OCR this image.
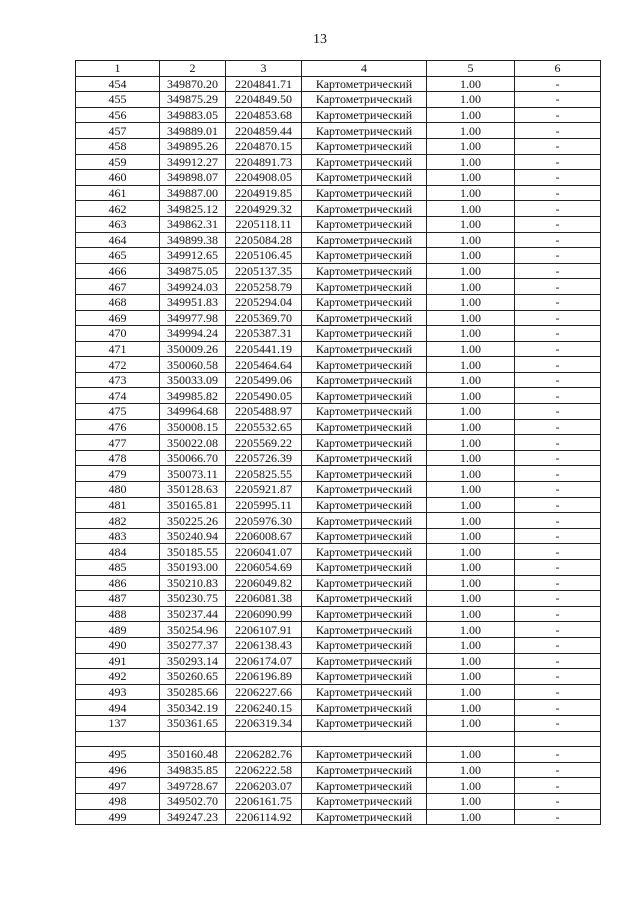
13
1	2	3	4	5	6
454	349870.20	2204841.71	Картометрический	1.00	-
455	349875.29	2204849.50	Картометрический	1.00	-
456	349883.05	2204853.68	Картометрический	1.00	-
457	349889.01	2204859.44	Картометрический	1.00	-
458	349895.26	2204870.15	Картометрический	1.00	-
459	349912.27	2204891.73	Картометрический	1.00	-
460	349898.07	2204908.05	Картометрический	1.00	-
461	349887.00	2204919.85	Картометрический	1.00	-
462	349825.12	2204929.32	Картометрический	1.00	-
463	349862.31	2205118.11	Картометрический	1.00	-
464	349899.38	2205084.28	Картометрический	1.00	-
465	349912.65	2205106.45	Картометрический	1.00	-
466	349875.05	2205137.35	Картометрический	1.00	-
467	349924.03	2205258.79	Картометрический	1.00	-
468	349951.83	2205294.04	Картометрический	1.00	-
469	349977.98	2205369.70	Картометрический	1.00	-
470	349994.24	2205387.31	Картометрический	1.00	-
471	350009.26	2205441.19	Картометрический	1.00	-
472	350060.58	2205464.64	Картометрический	1.00	-
473	350033.09	2205499.06	Картометрический	1.00	-
474	349985.82	2205490.05	Картометрический	1.00	-
475	349964.68	2205488.97	Картометрический	1.00	-
476	350008.15	2205532.65	Картометрический	1.00	-
477	350022.08	2205569.22	Картометрический	1.00	-
478	350066.70	2205726.39	Картометрический	1.00	-
479	350073.11	2205825.55	Картометрический	1.00	-
480	350128.63	2205921.87	Картометрический	1.00	-
481	350165.81	2205995.11	Картометрический	1.00	-
482	350225.26	2205976.30	Картометрический	1.00	-
483	350240.94	2206008.67	Картометрический	1.00	-
484	350185.55	2206041.07	Картометрический	1.00	-
485	350193.00	2206054.69	Картометрический	1.00	-
486	350210.83	2206049.82	Картометрический	1.00	-
487	350230.75	2206081.38	Картометрический	1.00	-
488	350237.44	2206090.99	Картометрический	1.00	-
489	350254.96	2206107.91	Картометрический	1.00	-
490	350277.37	2206138.43	Картометрический	1.00	-
491	350293.14	2206174.07	Картометрический	1.00	-
492	350260.65	2206196.89	Картометрический	1.00	-
493	350285.66	2206227.66	Картометрический	1.00	-
494	350342.19	2206240.15	Картометрический	1.00	-
137	350361.65	2206319.34	Картометрический	1.00	-

495	350160.48	2206282.76	Картометрический	1.00	-
496	349835.85	2206222.58	Картометрический	1.00	-
497	349728.67	2206203.07	Картометрический	1.00	-
498	349502.70	2206161.75	Картометрический	1.00	-
499	349247.23	2206114.92	Картометрический	1.00	-
